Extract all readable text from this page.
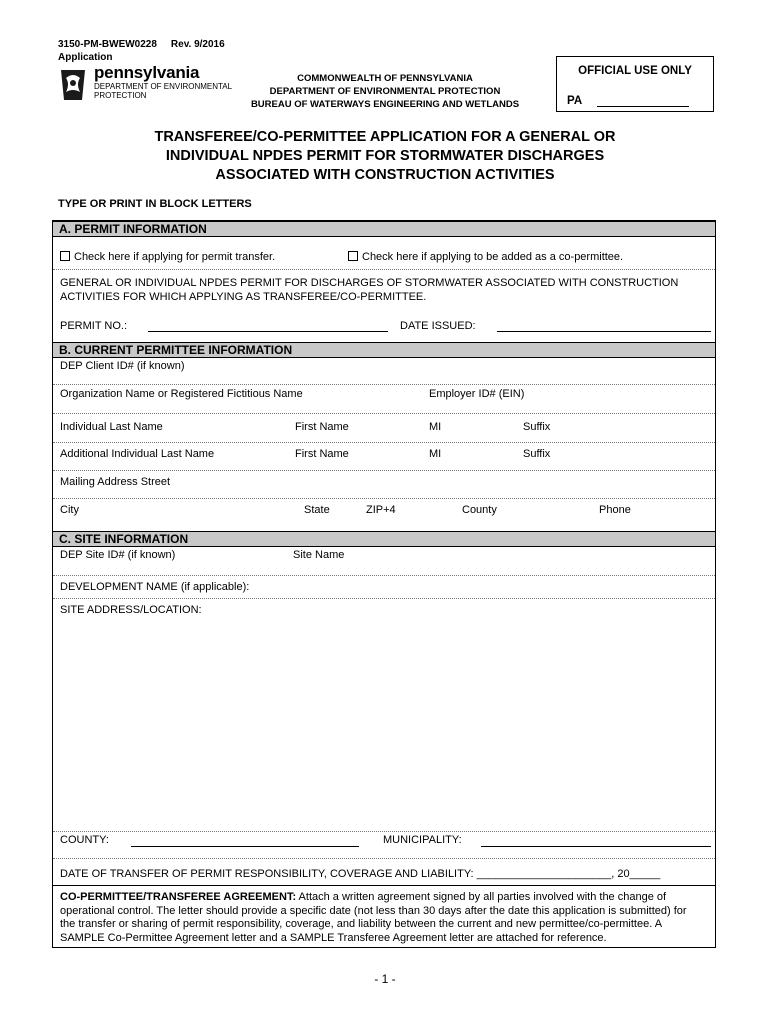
3150-PM-BWEW0228 Rev. 9/2016
Application
pennsylvania
DEPARTMENT OF ENVIRONMENTAL PROTECTION
COMMONWEALTH OF PENNSYLVANIA
DEPARTMENT OF ENVIRONMENTAL PROTECTION
BUREAU OF WATERWAYS ENGINEERING AND WETLANDS
OFFICIAL USE ONLY
PA
TRANSFEREE/CO-PERMITTEE APPLICATION FOR A GENERAL OR
INDIVIDUAL NPDES PERMIT FOR STORMWATER DISCHARGES
ASSOCIATED WITH CONSTRUCTION ACTIVITIES
TYPE OR PRINT IN BLOCK LETTERS
A. PERMIT INFORMATION
Check here if applying for permit transfer.	Check here if applying to be added as a co-permittee.
GENERAL OR INDIVIDUAL NPDES PERMIT FOR DISCHARGES OF STORMWATER ASSOCIATED WITH CONSTRUCTION
ACTIVITIES FOR WHICH APPLYING AS TRANSFEREE/CO-PERMITTEE.
PERMIT NO.:	DATE ISSUED:
B. CURRENT PERMITTEE INFORMATION
DEP Client ID# (if known)
Organization Name or Registered Fictitious Name	Employer ID# (EIN)
Individual Last Name	First Name	MI	Suffix
Additional Individual Last Name	First Name	MI	Suffix
Mailing Address Street
City	State	ZIP+4	County	Phone
C. SITE INFORMATION
DEP Site ID# (if known)	Site Name
DEVELOPMENT NAME (if applicable):
SITE ADDRESS/LOCATION:
COUNTY:	MUNICIPALITY:
DATE OF TRANSFER OF PERMIT RESPONSIBILITY, COVERAGE AND LIABILITY: ______________________, 20_____
CO-PERMITTEE/TRANSFEREE AGREEMENT: Attach a written agreement signed by all parties involved with the change of
operational control. The letter should provide a specific date (not less than 30 days after the date this application is submitted) for
the transfer or sharing of permit responsibility, coverage, and liability between the current and new permittee/co-permittee. A
SAMPLE Co-Permittee Agreement letter and a SAMPLE Transferee Agreement letter are attached for reference.
- 1 -
